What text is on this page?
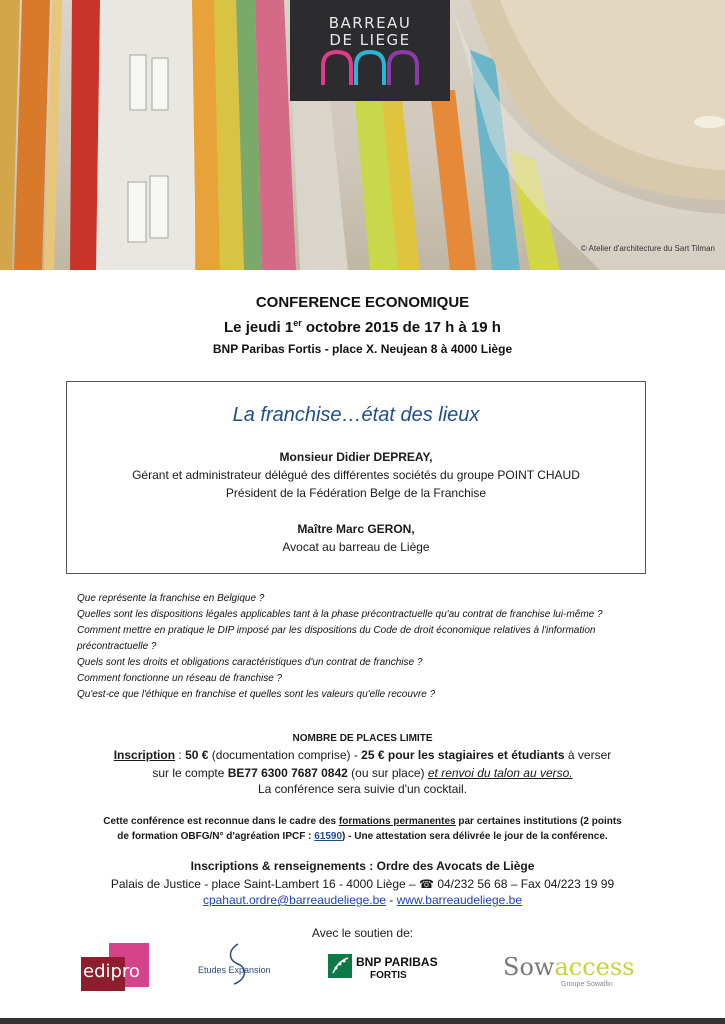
BARREAU
DE LIEGE
© Atelier d'architecture du Sart Tilman
CONFERENCE ECONOMIQUE
Le jeudi 1er octobre 2015 de 17 h à 19 h
BNP Paribas Fortis - place X. Neujean 8 à 4000 Liège
La franchise…état des lieux
Monsieur Didier DEPREAY,
Gérant et administrateur délégué des différentes sociétés du groupe POINT CHAUD
Président de la Fédération Belge de la Franchise
Maître Marc GERON,
Avocat au barreau de Liège
Que représente la franchise en Belgique ?
Quelles sont les dispositions légales applicables tant à la phase précontractuelle qu'au contrat de franchise lui-même ?
Comment mettre en pratique le DIP imposé par les dispositions du Code de droit économique relatives à l'information précontractuelle ?
Quels sont les droits et obligations caractéristiques d'un contrat de franchise ?
Comment fonctionne un réseau de franchise ?
Qu'est-ce que l'éthique en franchise et quelles sont les valeurs qu'elle recouvre ?
NOMBRE DE PLACES LIMITE
Inscription : 50 € (documentation comprise) - 25 € pour les stagiaires et étudiants à verser
sur le compte BE77 6300 7687 0842 (ou sur place) et renvoi du talon au verso.
La conférence sera suivie d'un cocktail.
Cette conférence est reconnue dans le cadre des formations permanentes par certaines institutions (2 points
de formation OBFG/N° d'agréation IPCF : 61590) - Une attestation sera délivrée le jour de la conférence.
Inscriptions & renseignements : Ordre des Avocats de Liège
Palais de Justice - place Saint-Lambert 16 - 4000 Liège – ☎ 04/232 56 68 – Fax 04/223 19 99
cpahaut.ordre@barreaudeliege.be - www.barreaudeliege.be
Avec le soutien de:
edipro	Etudes Expansion
BNP PARIBAS
FORTIS	Sowaccess
Groupe Sowalfin
